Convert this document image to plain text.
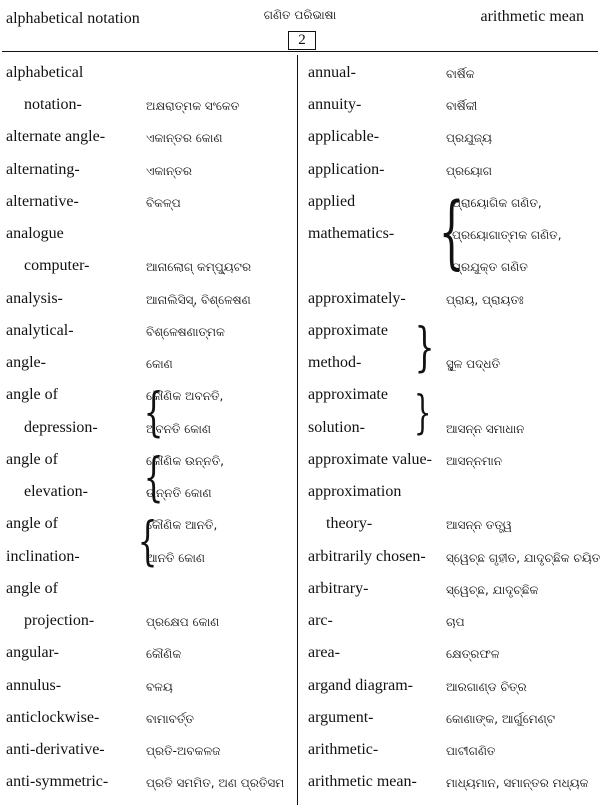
alphabetical notation	ଗଣିତ ପରିଭାଷା	arithmetic mean
2
alphabetical
notation-	ଅକ୍ଷରାତ୍ମକ ସଂକେତ
alternate angle-	ଏକାନ୍ତର କୋଣ
alternating-	ଏକାନ୍ତର
alternative-	ବିକଳ୍ପ
analogue
computer-	ଆନାଲୋଗ୍ କମ୍ପ୍ୟୁଟର
analysis-	ଆନାଲିସିସ୍, ବିଶ୍ଳେଷଣ
analytical-	ବିଶ୍ଳେଷଣାତ୍ମକ
angle-	କୋଣ
angle of	କୌଣିକ ଅବନତି,
depression-	ଅବନତି କୋଣ
angle of	କୌଣିକ ଉନ୍ନତି,
elevation-	ଉନ୍ନତି କୋଣ
angle of	କୌଣିକ ଆନତି,
inclination-	ଆନତି କୋଣ
angle of
projection-	ପ୍ରକ୍ଷେପ କୋଣ
angular-	କୌଣିକ
annulus-	ବଳୟ
anticlockwise-	ବାମାବର୍ତ୍ତ
anti-derivative-	ପ୍ରତି-ଅବକଳଜ
anti-symmetric-	ପ୍ରତି ସମମିତ, ଅଣ ପ୍ରତିସମ
annual-	ବାର୍ଷିକ
annuity-	ବାର୍ଷିକୀ
applicable-	ପ୍ରଯୁଜ୍ୟ
application-	ପ୍ରୟୋଗ
applied	ପ୍ରାୟୋଗିକ ଗଣିତ,
mathematics-	ପ୍ରୟୋଗାତ୍ମକ ଗଣିତ,
ପ୍ରଯୁକ୍ତ ଗଣିତ
approximately-	ପ୍ରାୟ, ପ୍ରାୟତଃ
approximate
method-	ସ୍ଥୂଳ ପଦ୍ଧତି
approximate
solution-	ଆସନ୍ନ ସମାଧାନ
approximate value- ଆସନ୍ନମାନ
approximation
theory-	ଆସନ୍ନ ତତ୍ତ୍ୱ
arbitrarily chosen- ସ୍ୱେଚ୍ଛ ଗୃହୀତ, ଯାଦୃଚ୍ଛିକ ଚୟିତ
arbitrary-	ସ୍ୱେଚ୍ଛ, ଯାଦୃଚ୍ଛିକ
arc-	ଚାପ
area-	କ୍ଷେତ୍ରଫଳ
argand diagram-	ଆରଗାଣ୍ଡ ଚିତ୍ର
argument-	କୋଣାଙ୍କ, ଆର୍ଗୁମେଣ୍ଟ
arithmetic-	ପାଟୀଗଣିତ
arithmetic mean- ମାଧ୍ୟମାନ, ସମାନ୍ତର ମଧ୍ୟକ
{
{
{
{
}
}
